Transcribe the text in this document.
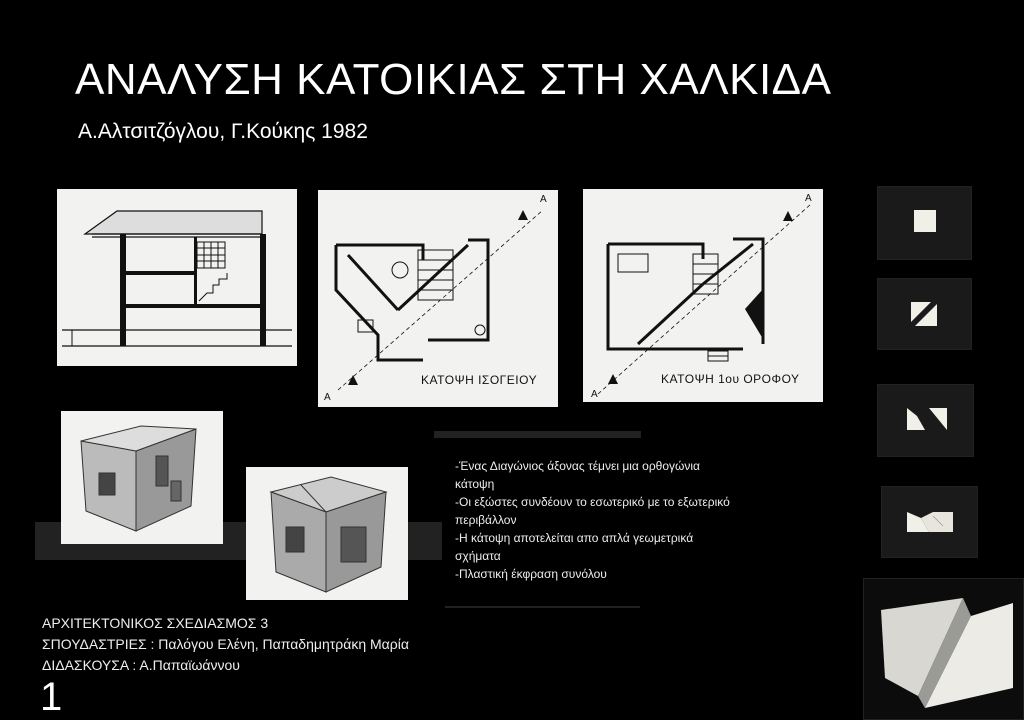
ΑΝΑΛΥΣΗ ΚΑΤΟΙΚΙΑΣ ΣΤΗ ΧΑΛΚΙΔΑ
Α.Αλτσιτζόγλου, Γ.Κούκης 1982
ΚΑΤΟΨΗ ΙΣΟΓΕΙΟΥ
A
A
ΚΑΤΟΨΗ 1ου ΟΡΟΦΟΥ
A
A
-Ένας Διαγώνιος άξονας τέμνει μια ορθογώνια
κάτοψη
-Οι εξώστες συνδέουν το εσωτερικό με το εξωτερικό
περιβάλλον
-Η κάτοψη αποτελείται απο απλά γεωμετρικά
σχήματα
-Πλαστική έκφραση συνόλου
ΑΡΧΙΤΕΚΤΟΝΙΚΟΣ ΣΧΕΔΙΑΣΜΟΣ 3
ΣΠΟΥΔΑΣΤΡΙΕΣ : Παλόγου Ελένη, Παπαδημητράκη Μαρία
ΔΙΔΑΣΚΟΥΣΑ : Α.Παπαϊωάννου
1
